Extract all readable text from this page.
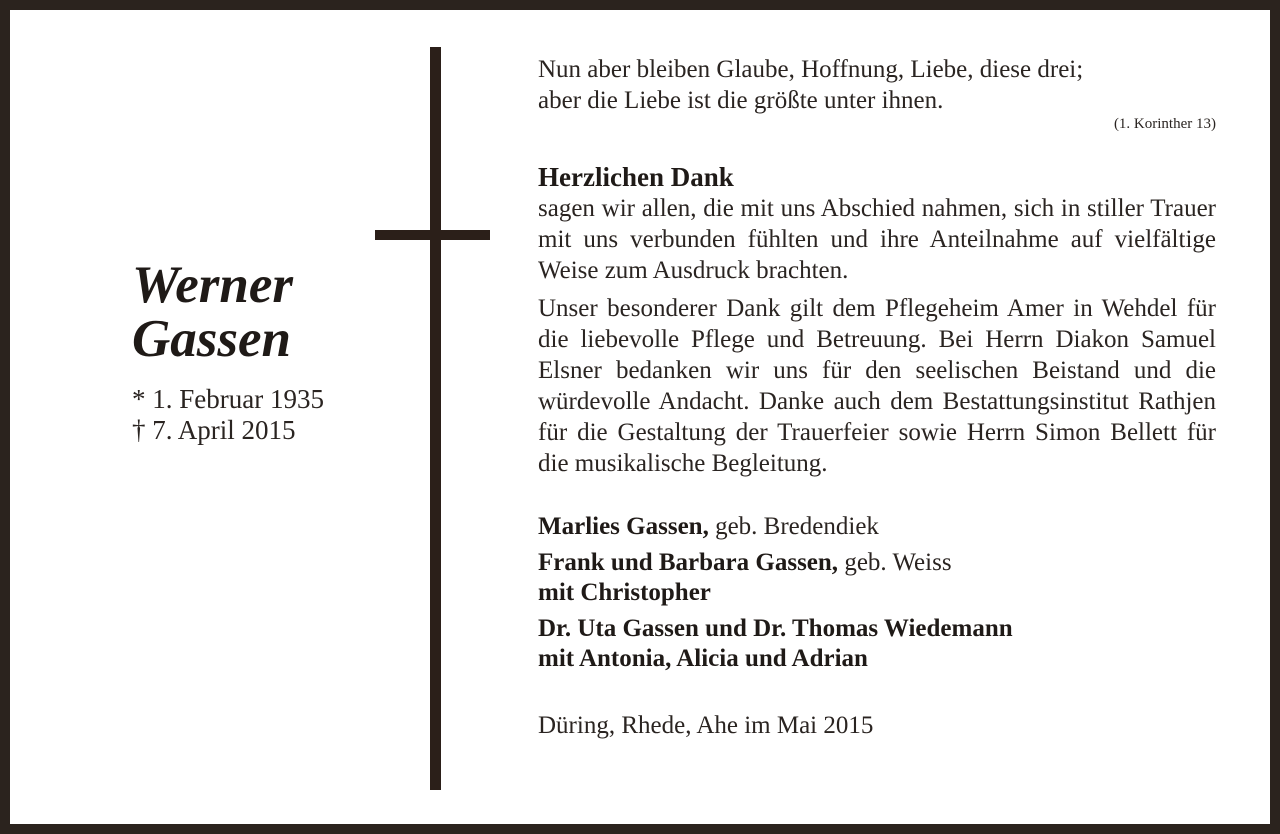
Werner
Gassen
* 1. Februar 1935
† 7. April 2015
Nun aber bleiben Glaube, Hoffnung, Liebe, diese drei;
aber die Liebe ist die größte unter ihnen.
(1. Korinther 13)
Herzlichen Dank

sagen wir allen, die mit uns Abschied nahmen, sich in stiller Trauer mit uns verbunden fühlten und ihre Anteilnahme auf vielfältige Weise zum Ausdruck brachten.

Unser besonderer Dank gilt dem Pflegeheim Amer in Wehdel für die liebevolle Pflege und Betreuung. Bei Herrn Diakon Samuel Elsner bedanken wir uns für den seelischen Beistand und die würdevolle Andacht. Danke auch dem Bestattungsinstitut Rathjen für die Gestaltung der Trauerfeier sowie Herrn Simon Bellett für die musikalische Begleitung.

Marlies Gassen, geb. Bredendiek
Frank und Barbara Gassen, geb. Weiss
mit Christopher
Dr. Uta Gassen und Dr. Thomas Wiedemann
mit Antonia, Alicia und Adrian
Düring, Rhede, Ahe im Mai 2015
